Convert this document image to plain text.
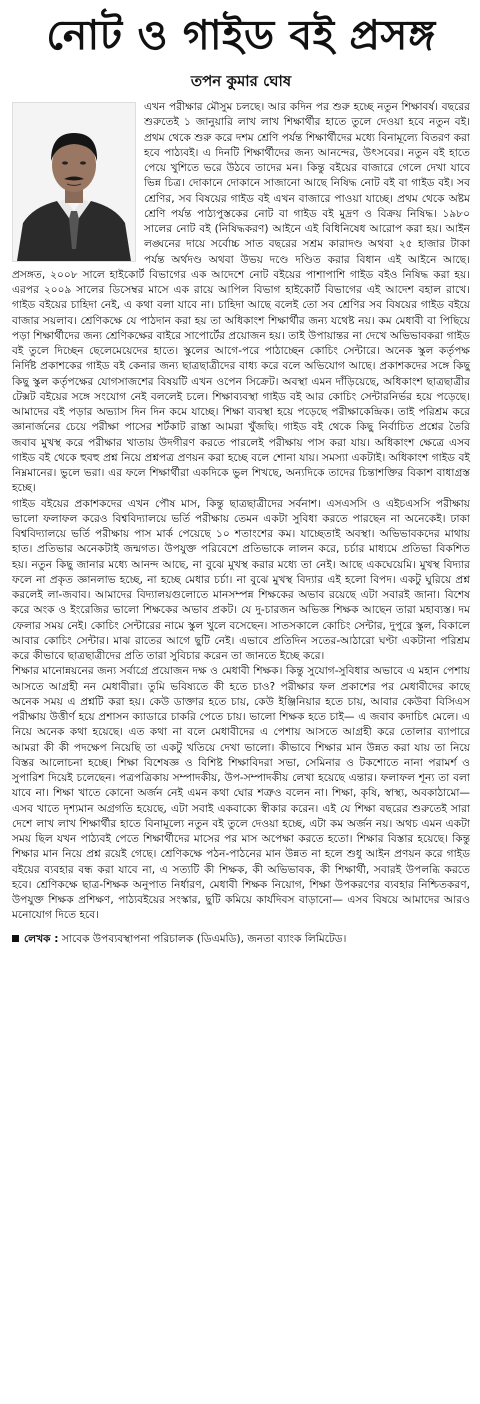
নোট ও গাইড বই প্রসঙ্গ
তপন কুমার ঘোষ

এখন পরীক্ষার মৌসুম চলছে। আর কদিন পর শুরু হচ্ছে নতুন শিক্ষাবর্ষ। বছরের শুরুতেই ১ জানুয়ারি লাখ লাখ শিক্ষার্থীর হাতে তুলে দেওয়া হবে নতুন বই। প্রথম থেকে শুরু করে দশম শ্রেণি পর্যন্ত শিক্ষার্থীদের মধ্যে বিনামূল্যে বিতরণ করা হবে পাঠ্যবই। এ দিনটি শিক্ষার্থীদের জন্য আনন্দের, উৎসবের। নতুন বই হাতে পেয়ে খুশিতে ভরে উঠবে তাদের মন। কিন্তু বইয়ের বাজারে গেলে দেখা যাবে ভিন্ন চিত্র। দোকানে দোকানে সাজানো আছে নিষিদ্ধ নোট বই বা গাইড বই। সব শ্রেণির, সব বিষয়ের গাইড বই এখন বাজারে পাওয়া যাচ্ছে। প্রথম থেকে অষ্টম শ্রেণি পর্যন্ত পাঠ্যপুস্তকের নোট বা গাইড বই মুদ্রণ ও বিক্রয় নিষিদ্ধ। ১৯৮০ সালের নোট বই (নিষিদ্ধকরণ) আইনে এই বিধিনিষেধ আরোপ করা হয়। আইন লঙ্ঘনের দায়ে সর্বোচ্চ সাত বছরের সশ্রম কারাদণ্ড অথবা ২৫ হাজার টাকা পর্যন্ত অর্থদণ্ড অথবা উভয় দণ্ডে দণ্ডিত করার বিধান এই আইনে আছে। প্রসঙ্গত, ২০০৮ সালে হাইকোর্ট বিভাগের এক আদেশে নোট বইয়ের পাশাপাশি গাইড বইও নিষিদ্ধ করা হয়। এরপর ২০০৯ সালের ডিসেম্বর মাসে এক রায়ে আপিল বিভাগ হাইকোর্ট বিভাগের এই আদেশ বহাল রাখে। গাইড বইয়ের চাহিদা নেই, এ কথা বলা যাবে না। চাহিদা আছে বলেই তো সব শ্রেণির সব বিষয়ের গাইড বইয়ে বাজার সয়লাব। শ্রেণিকক্ষে যে পাঠদান করা হয় তা অধিকাংশ শিক্ষার্থীর জন্য যথেষ্ট নয়। কম মেধাবী বা পিছিয়ে পড়া শিক্ষার্থীদের জন্য শ্রেণিকক্ষের বাইরে সাপোর্টের প্রয়োজন হয়। তাই উপায়ান্তর না দেখে অভিভাবকরা গাইড বই তুলে দিচ্ছেন ছেলেমেয়েদের হাতে। স্কুলের আগে-পরে পাঠাচ্ছেন কোচিং সেন্টারে। অনেক স্কুল কর্তৃপক্ষ নির্দিষ্ট প্রকাশকের গাইড বই কেনার জন্য ছাত্রছাত্রীদের বাধ্য করে বলে অভিযোগ আছে। প্রকাশকদের সঙ্গে কিছু কিছু স্কুল কর্তৃপক্ষের যোগসাজশের বিষয়টি এখন ওপেন সিক্রেট। অবস্থা এমন দাঁড়িয়েছে, অধিকাংশ ছাত্রছাত্রীর টেক্সট বইয়ের সঙ্গে সংযোগ নেই বললেই চলে। শিক্ষাব্যবস্থা গাইড বই আর কোচিং সেন্টারনির্ভর হয়ে পড়েছে। আমাদের বই পড়ার অভ্যাস দিন দিন কমে যাচ্ছে। শিক্ষা ব্যবস্থা হয়ে পড়েছে পরীক্ষাকেন্দ্রিক। তাই পরিশ্রম করে জ্ঞানার্জনের চেয়ে পরীক্ষা পাসের শর্টকাট রাস্তা আমরা খুঁজছি। গাইড বই থেকে কিছু নির্বাচিত প্রশ্নের তৈরি জবাব মুখস্থ করে পরীক্ষার খাতায় উদগীরণ করতে পারলেই পরীক্ষায় পাস করা যায়। অধিকাংশ ক্ষেত্রে এসব গাইড বই থেকে হুবহু প্রশ্ন নিয়ে প্রশ্নপত্র প্রণয়ন করা হচ্ছে বলে শোনা যায়। সমস্যা একটাই। অধিকাংশ গাইড বই নিম্নমানের। ভুলে ভরা। এর ফলে শিক্ষার্থীরা একদিকে ভুল শিখছে, অন্যদিকে তাদের চিন্তাশক্তির বিকাশ বাধাগ্রস্ত হচ্ছে।

গাইড বইয়ের প্রকাশকদের এখন পৌষ মাস, কিন্তু ছাত্রছাত্রীদের সর্বনাশ। এসএসসি ও এইচএসসি পরীক্ষায় ভালো ফলাফল করেও বিশ্ববিদ্যালয়ে ভর্তি পরীক্ষায় তেমন একটা সুবিধা করতে পারছেন না অনেকেই। ঢাকা বিশ্ববিদ্যালয়ে ভর্তি পরীক্ষায় পাস মার্ক পেয়েছে ১০ শতাংশের কম। যাচ্ছেতাই অবস্থা। অভিভাবকদের মাথায় হাত। প্রতিভার অনেকটাই জন্মগত। উপযুক্ত পরিবেশে প্রতিভাকে লালন করে, চর্চার মাধ্যমে প্রতিভা বিকশিত হয়। নতুন কিছু জানার মধ্যে আনন্দ আছে, না বুঝে মুখস্থ করার মধ্যে তা নেই। আছে একঘেয়েমি। মুখস্থ বিদ্যার ফলে না প্রকৃত জ্ঞানলাভ হচ্ছে, না হচ্ছে মেধার চর্চা। না বুঝে মুখস্থ বিদ্যার এই হলো বিপদ। একটু ঘুরিয়ে প্রশ্ন করলেই লা-জবাব। আমাদের বিদ্যালয়গুলোতে মানসম্পন্ন শিক্ষকের অভাব রয়েছে এটা সবারই জানা। বিশেষ করে অংক ও ইংরেজির ভালো শিক্ষকের অভাব প্রকট। যে দু-চারজন অভিজ্ঞ শিক্ষক আছেন তারা মহাব্যস্ত। দম ফেলার সময় নেই। কোচিং সেন্টারের নামে স্কুল খুলে বসেছেন। সাতসকালে কোচিং সেন্টার, দুপুরে স্কুল, বিকালে আবার কোচিং সেন্টার। মাঝ রাতের আগে ছুটি নেই। এভাবে প্রতিদিন সতের-আঠারো ঘণ্টা একটানা পরিশ্রম করে কীভাবে ছাত্রছাত্রীদের প্রতি তারা সুবিচার করেন তা জানতে ইচ্ছে করে।

শিক্ষার মানোন্নয়নের জন্য সর্বাগ্রে প্রয়োজন দক্ষ ও মেধাবী শিক্ষক। কিন্তু সুযোগ-সুবিধার অভাবে এ মহান পেশায় আসতে আগ্রহী নন মেধাবীরা। তুমি ভবিষ্যতে কী হতে চাও? পরীক্ষার ফল প্রকাশের পর মেধাবীদের কাছে অনেক সময় এ প্রশ্নটি করা হয়। কেউ ডাক্তার হতে চায়, কেউ ইঞ্জিনিয়ার হতে চায়, আবার কেউবা বিসিএস পরীক্ষায় উত্তীর্ণ হয়ে প্রশাসন ক্যাডারে চাকরি পেতে চায়। ভালো শিক্ষক হতে চাই— এ জবাব কদাচিৎ মেলে। এ নিয়ে অনেক কথা হয়েছে। এত কথা না বলে মেধাবীদের এ পেশায় আসতে আগ্রহী করে তোলার ব্যাপারে আমরা কী কী পদক্ষেপ নিয়েছি তা একটু খতিয়ে দেখা ভালো। কীভাবে শিক্ষার মান উন্নত করা যায় তা নিয়ে বিস্তর আলোচনা হচ্ছে। শিক্ষা বিশেষজ্ঞ ও বিশিষ্ট শিক্ষাবিদরা সভা, সেমিনার ও টকশোতে নানা পরামর্শ ও সুপারিশ দিয়েই চলেছেন। পত্রপত্রিকায় সম্পাদকীয়, উপ-সম্পাদকীয় লেখা হয়েছে এন্তার। ফলাফল শূন্য তা বলা যাবে না। শিক্ষা খাতে কোনো অর্জন নেই এমন কথা ঘোর শত্রুও বলেন না। শিক্ষা, কৃষি, স্বাস্থ্য, অবকাঠামো— এসব খাতে দৃশ্যমান অগ্রগতি হয়েছে, এটা সবাই একবাক্যে স্বীকার করেন। এই যে শিক্ষা বছরের শুরুতেই সারা দেশে লাখ লাখ শিক্ষার্থীর হাতে বিনামূল্যে নতুন বই তুলে দেওয়া হচ্ছে, এটা কম অর্জন নয়। অথচ এমন একটা সময় ছিল যখন পাঠ্যবই পেতে শিক্ষার্থীদের মাসের পর মাস অপেক্ষা করতে হতো। শিক্ষার বিস্তার হয়েছে। কিন্তু শিক্ষার মান নিয়ে প্রশ্ন রয়েই গেছে। শ্রেণিকক্ষে পঠন-পাঠনের মান উন্নত না হলে শুধু আইন প্রণয়ন করে গাইড বইয়ের ব্যবহার বন্ধ করা যাবে না, এ সত্যটি কী শিক্ষক, কী অভিভাবক, কী শিক্ষার্থী, সবারই উপলব্ধি করতে হবে। শ্রেণিকক্ষে ছাত্র-শিক্ষক অনুপাত নির্ধারণ, মেধাবী শিক্ষক নিয়োগ, শিক্ষা উপকরণের ব্যবহার নিশ্চিতকরণ, উপযুক্ত শিক্ষক প্রশিক্ষণ, পাঠ্যবইয়ের সংস্কার, ছুটি কমিয়ে কার্যদিবস বাড়ানো— এসব বিষয়ে আমাদের আরও মনোযোগ দিতে হবে।

লেখক : সাবেক উপব্যবস্থাপনা পরিচালক (ডিএমডি), জনতা ব্যাংক লিমিটেড।
